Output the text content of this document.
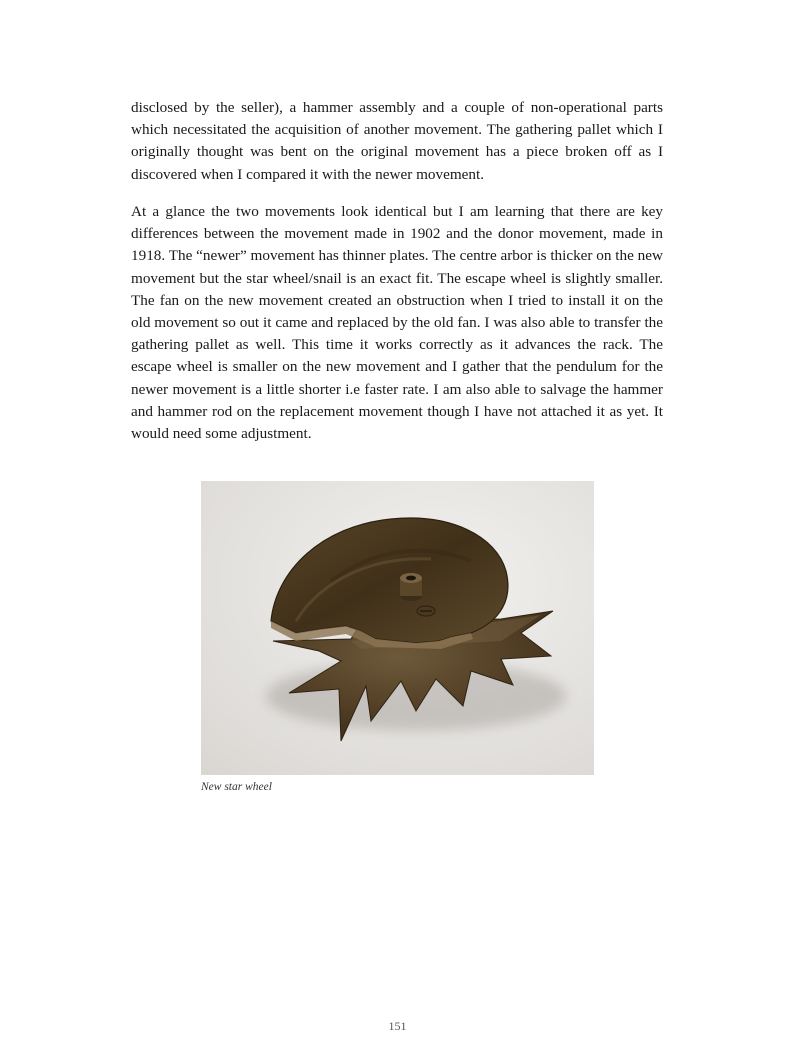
disclosed by the seller), a hammer assembly and a couple of non-operational parts which necessitated the acquisition of another movement. The gathering pallet which I originally thought was bent on the original movement has a piece broken off as I discovered when I compared it with the newer movement.

At a glance the two movements look identical but I am learning that there are key differences between the movement made in 1902 and the donor movement, made in 1918. The “newer” movement has thinner plates. The centre arbor is thicker on the new movement but the star wheel/snail is an exact fit. The escape wheel is slightly smaller. The fan on the new movement created an obstruction when I tried to install it on the old movement so out it came and replaced by the old fan. I was also able to transfer the gathering pallet as well. This time it works correctly as it advances the rack. The escape wheel is smaller on the new movement and I gather that the pendulum for the newer movement is a little shorter i.e faster rate. I am also able to salvage the hammer and hammer rod on the replacement movement though I have not attached it as yet. It would need some adjustment.

New star wheel
151
